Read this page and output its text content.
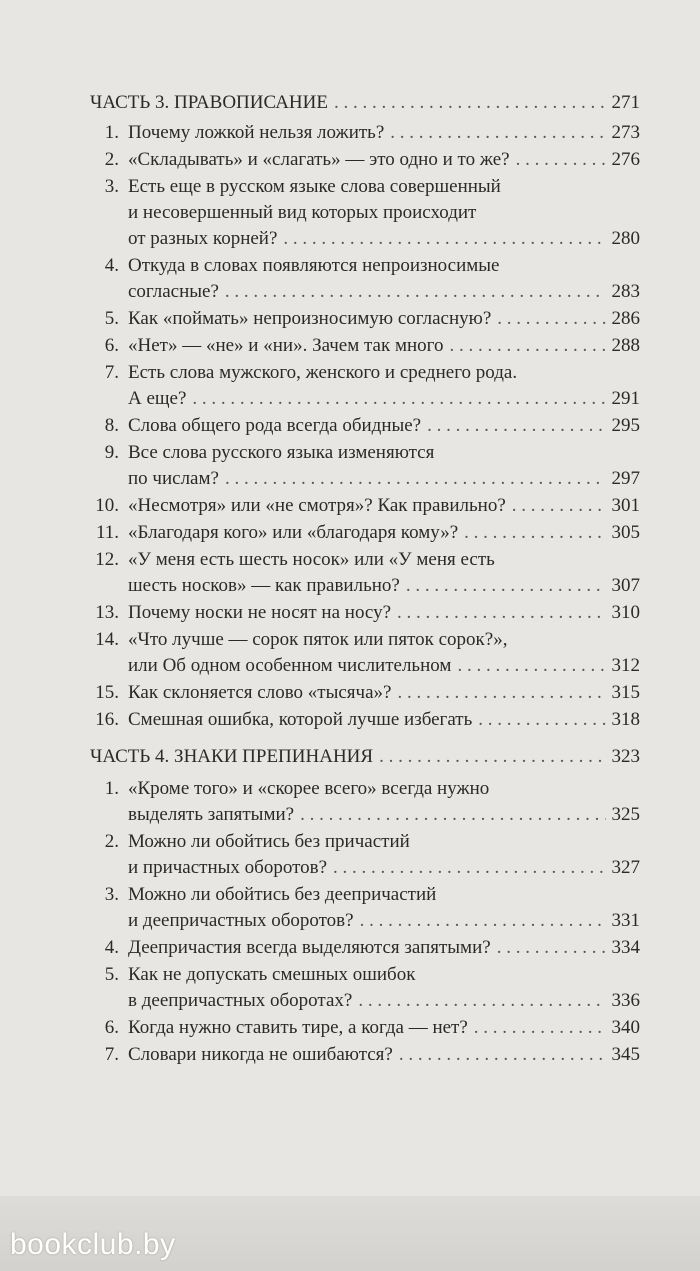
ЧАСТЬ 3. ПРАВОПИСАНИЕ . . .	271
1. Почему ложкой нельзя ложить? . . .	273
2. «Складывать» и «слагать» — это одно и то же? . . .	276
3. Есть еще в русском языке слова совершенный
и несовершенный вид которых происходит
от разных корней? . . .	280
4. Откуда в словах появляются непроизносимые
согласные? . . .	283
5. Как «поймать» непроизносимую согласную? . . .	286
6. «Нет» — «не» и «ни». Зачем так много . . .	288
7. Есть слова мужского, женского и среднего рода.
А еще? . . .	291
8. Слова общего рода всегда обидные? . . .	295
9. Все слова русского языка изменяются
по числам? . . .	297
10. «Несмотря» или «не смотря»? Как правильно? . . .	301
11. «Благодаря кого» или «благодаря кому»? . . .	305
12. «У меня есть шесть носок» или «У меня есть
шесть носков» — как правильно? . . .	307
13. Почему носки не носят на носу? . . .	310
14. «Что лучше — сорок пяток или пяток сорок?»,
или Об одном особенном числительном . . .	312
15. Как склоняется слово «тысяча»? . . .	315
16. Смешная ошибка, которой лучше избегать . . .	318
ЧАСТЬ 4. ЗНАКИ ПРЕПИНАНИЯ . . .	323
1. «Кроме того» и «скорее всего» всегда нужно
выделять запятыми? . . .	325
2. Можно ли обойтись без причастий
и причастных оборотов? . . .	327
3. Можно ли обойтись без деепричастий
и деепричастных оборотов? . . .	331
4. Деепричастия всегда выделяются запятыми? . . .	334
5. Как не допускать смешных ошибок
в деепричастных оборотах? . . .	336
6. Когда нужно ставить тире, а когда — нет? . . .	340
7. Словари никогда не ошибаются? . . .	345
bookclub.by
